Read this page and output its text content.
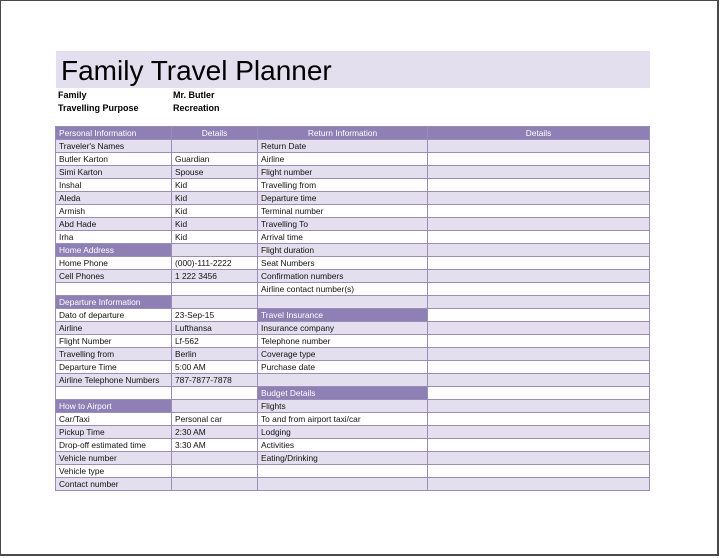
Family Travel Planner
Family	Mr. Butler
Travelling Purpose	Recreation
Personal Information	Details	Return Information	Details
Traveler's Names		Return Date	
Butler Karton	Guardian	Airline	
Simi Karton	Spouse	Flight number	
Inshal	Kid	Travelling from	
Aleda	Kid	Departure time	
Armish	Kid	Terminal number	
Abd Hade	Kid	Travelling To	
Irha	Kid	Arrival time	
Home Address		Flight duration	
Home Phone	(000)-111-2222	Seat Numbers	
Cell Phones	1 222 3456	Confirmation numbers	
		Airline contact number(s)	
Departure Information			
Dato of departure	23-Sep-15	Travel Insurance	
Airline	Lufthansa	Insurance company	
Flight Number	Lf-562	Telephone number	
Travelling from	Berlin	Coverage type	
Departure Time	5:00 AM	Purchase date	
Airline Telephone Numbers	787-7877-7878		
		Budget Details	
How to Airport		Flights	
Car/Taxi	Personal car	To and from airport taxi/car	
Pickup Time	2:30 AM	Lodging	
Drop-off estimated time	3:30 AM	Activities	
Vehicle number		Eating/Drinking	
Vehicle type			
Contact number			
